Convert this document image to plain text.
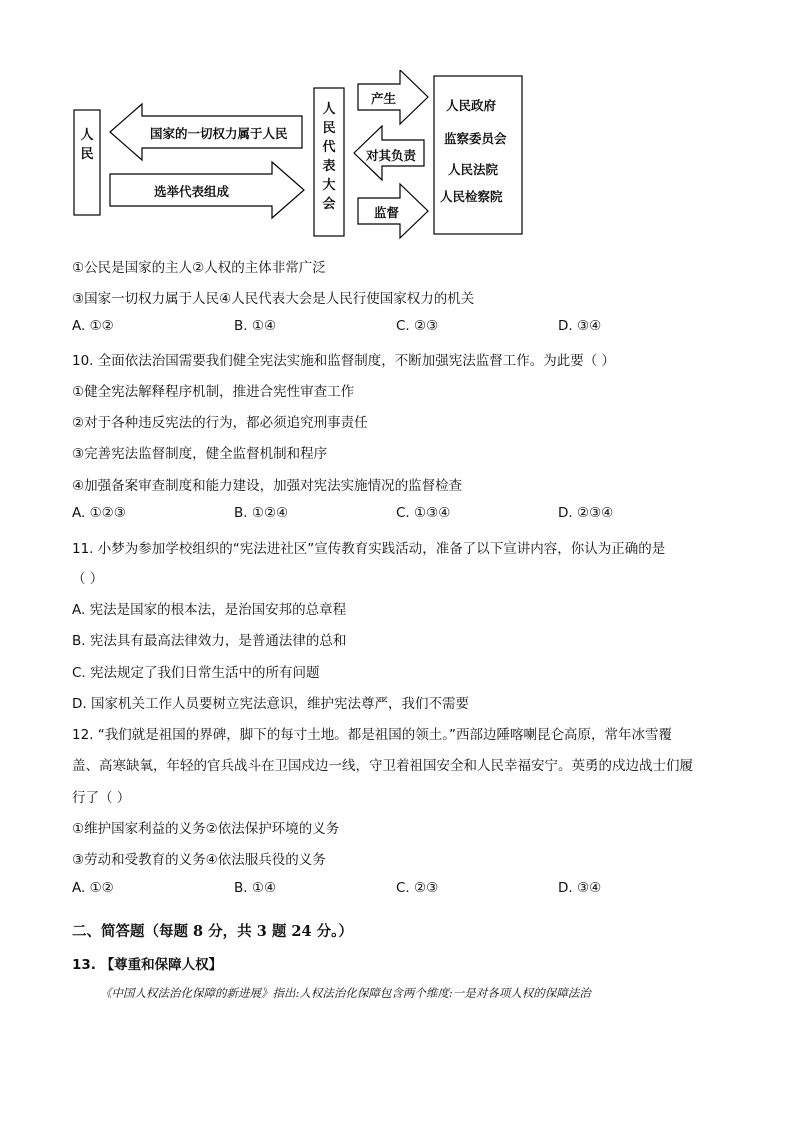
人
民
人
民
代
表
大
会
国家的一切权力属于人民
选举代表组成
产生
对其负责
监督
人民政府
监察委员会
人民法院
人民检察院
①公民是国家的主人②人权的主体非常广泛
③国家一切权力属于人民④人民代表大会是人民行使国家权力的机关
A. ①②	B. ①④	C. ②③	D. ③④
10. 全面依法治国需要我们健全宪法实施和监督制度，不断加强宪法监督工作。为此要（ ）
①健全宪法解释程序机制，推进合宪性审查工作
②对于各种违反宪法的行为，都必须追究刑事责任
③完善宪法监督制度，健全监督机制和程序
④加强备案审查制度和能力建设，加强对宪法实施情况的监督检查
A. ①②③	B. ①②④	C. ①③④	D. ②③④
11. 小梦为参加学校组织的“宪法进社区”宣传教育实践活动，准备了以下宣讲内容，你认为正确的是
（ ）
A. 宪法是国家的根本法，是治国安邦的总章程
B. 宪法具有最高法律效力，是普通法律的总和
C. 宪法规定了我们日常生活中的所有问题
D. 国家机关工作人员要树立宪法意识，维护宪法尊严，我们不需要
12. “我们就是祖国的界碑，脚下的每寸土地。都是祖国的领土。”西部边陲喀喇昆仑高原，常年冰雪覆
盖、高寒缺氧，年轻的官兵战斗在卫国戍边一线，守卫着祖国安全和人民幸福安宁。英勇的戍边战士们履
行了（ ）
①维护国家利益的义务②依法保护环境的义务
③劳动和受教育的义务④依法服兵役的义务
A. ①②	B. ①④	C. ②③	D. ③④
二、简答题（每题 8 分，共 3 题 24 分。）
13. 【尊重和保障人权】
《中国人权法治化保障的新进展》指出:人权法治化保障包含两个维度:一是对各项人权的保障法治
